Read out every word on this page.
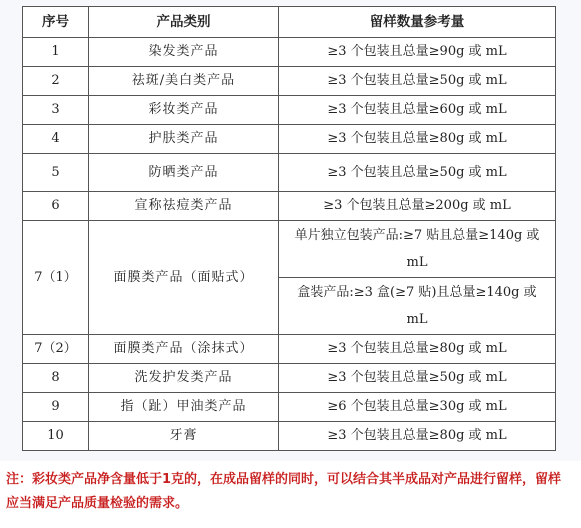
序号	产品类别	留样数量参考量
1	染发类产品	≥3 个包装且总量≥90g 或 mL
2	祛斑/美白类产品	≥3 个包装且总量≥50g 或 mL
3	彩妆类产品	≥3 个包装且总量≥60g 或 mL
4	护肤类产品	≥3 个包装且总量≥80g 或 mL
5	防晒类产品	≥3 个包装且总量≥50g 或 mL
6	宣称祛痘类产品	≥3 个包装且总量≥200g 或 mL
7（1）	面膜类产品（面贴式）	单片独立包装产品:≥7 贴且总量≥140g 或 mL
		盒装产品:≥3 盒(≥7 贴)且总量≥140g 或 mL
7（2）	面膜类产品（涂抹式）	≥3 个包装且总量≥80g 或 mL
8	洗发护发类产品	≥3 个包装且总量≥50g 或 mL
9	指（趾）甲油类产品	≥6 个包装且总量≥30g 或 mL
10	牙膏	≥3 个包装且总量≥80g 或 mL
注：彩妆类产品净含量低于1克的，在成品留样的同时，可以结合其半成品对产品进行留样，留样应当满足产品质量检验的需求。
